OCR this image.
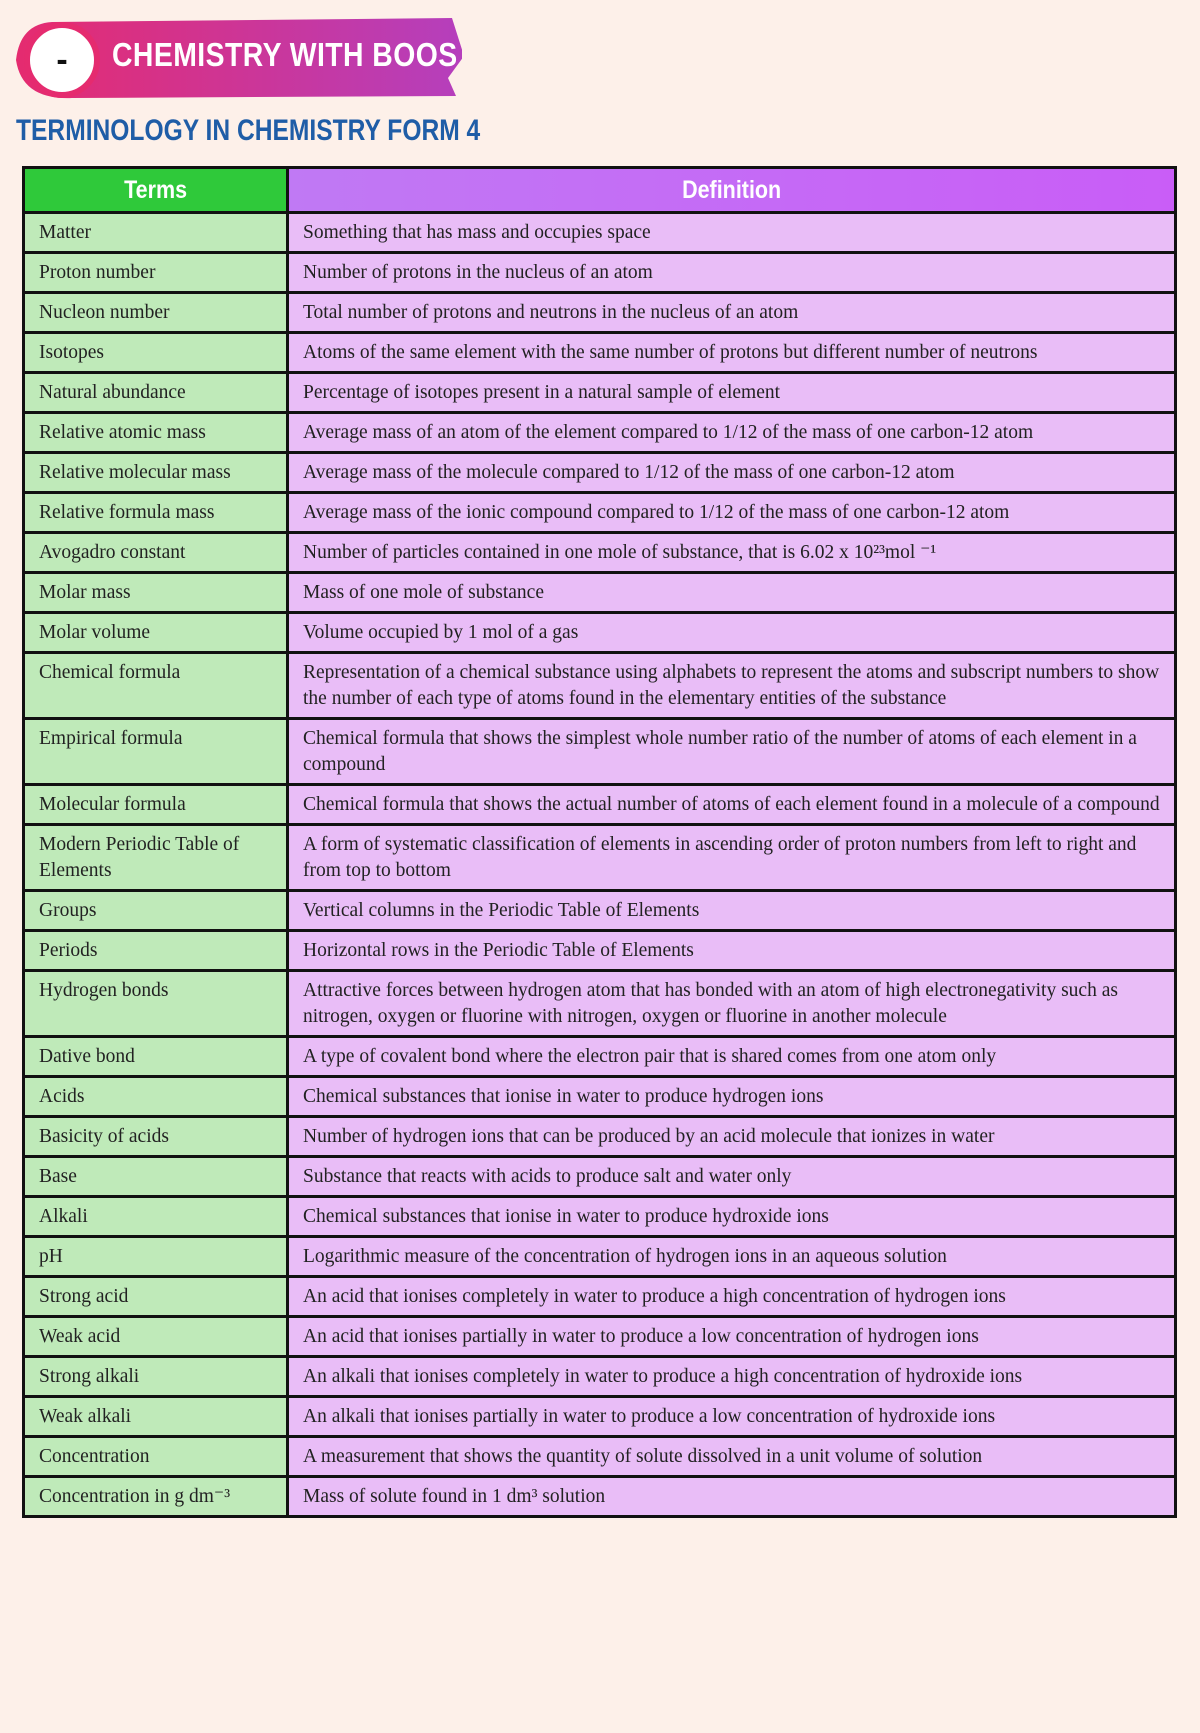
-	CHEMISTRY WITH BOOS
TERMINOLOGY IN CHEMISTRY FORM 4
Terms	Definition
Matter	Something that has mass and occupies space
Proton number	Number of protons in the nucleus of an atom
Nucleon number	Total number of protons and neutrons in the nucleus of an atom
Isotopes	Atoms of the same element with the same number of protons but different number of neutrons
Natural abundance	Percentage of isotopes present in a natural sample of element
Relative atomic mass	Average mass of an atom of the element compared to 1/12 of the mass of one carbon-12 atom
Relative molecular mass	Average mass of the molecule compared to 1/12 of the mass of one carbon-12 atom
Relative formula mass	Average mass of the ionic compound compared to 1/12 of the mass of one carbon-12 atom
Avogadro constant	Number of particles contained in one mole of substance, that is 6.02 x 10²³mol ⁻¹
Molar mass	Mass of one mole of substance
Molar volume	Volume occupied by 1 mol of a gas
Chemical formula	Representation of a chemical substance using alphabets to represent the atoms and subscript numbers to show the number of each type of atoms found in the elementary entities of the substance
Empirical formula	Chemical formula that shows the simplest whole number ratio of the number of atoms of each element in a compound
Molecular formula	Chemical formula that shows the actual number of atoms of each element found in a molecule of a compound
Modern Periodic Table of Elements	A form of systematic classification of elements in ascending order of proton numbers from left to right and from top to bottom
Groups	Vertical columns in the Periodic Table of Elements
Periods	Horizontal rows in the Periodic Table of Elements
Hydrogen bonds	Attractive forces between hydrogen atom that has bonded with an atom of high electronegativity such as nitrogen, oxygen or fluorine with nitrogen, oxygen or fluorine in another molecule
Dative bond	A type of covalent bond where the electron pair that is shared comes from one atom only
Acids	Chemical substances that ionise in water to produce hydrogen ions
Basicity of acids	Number of hydrogen ions that can be produced by an acid molecule that ionizes in water
Base	Substance that reacts with acids to produce salt and water only
Alkali	Chemical substances that ionise in water to produce hydroxide ions
pH	Logarithmic measure of the concentration of hydrogen ions in an aqueous solution
Strong acid	An acid that ionises completely in water to produce a high concentration of hydrogen ions
Weak acid	An acid that ionises partially in water to produce a low concentration of hydrogen ions
Strong alkali	An alkali that ionises completely in water to produce a high concentration of hydroxide ions
Weak alkali	An alkali that ionises partially in water to produce a low concentration of hydroxide ions
Concentration	A measurement that shows the quantity of solute dissolved in a unit volume of solution
Concentration in g dm⁻³	Mass of solute found in 1 dm³ solution
